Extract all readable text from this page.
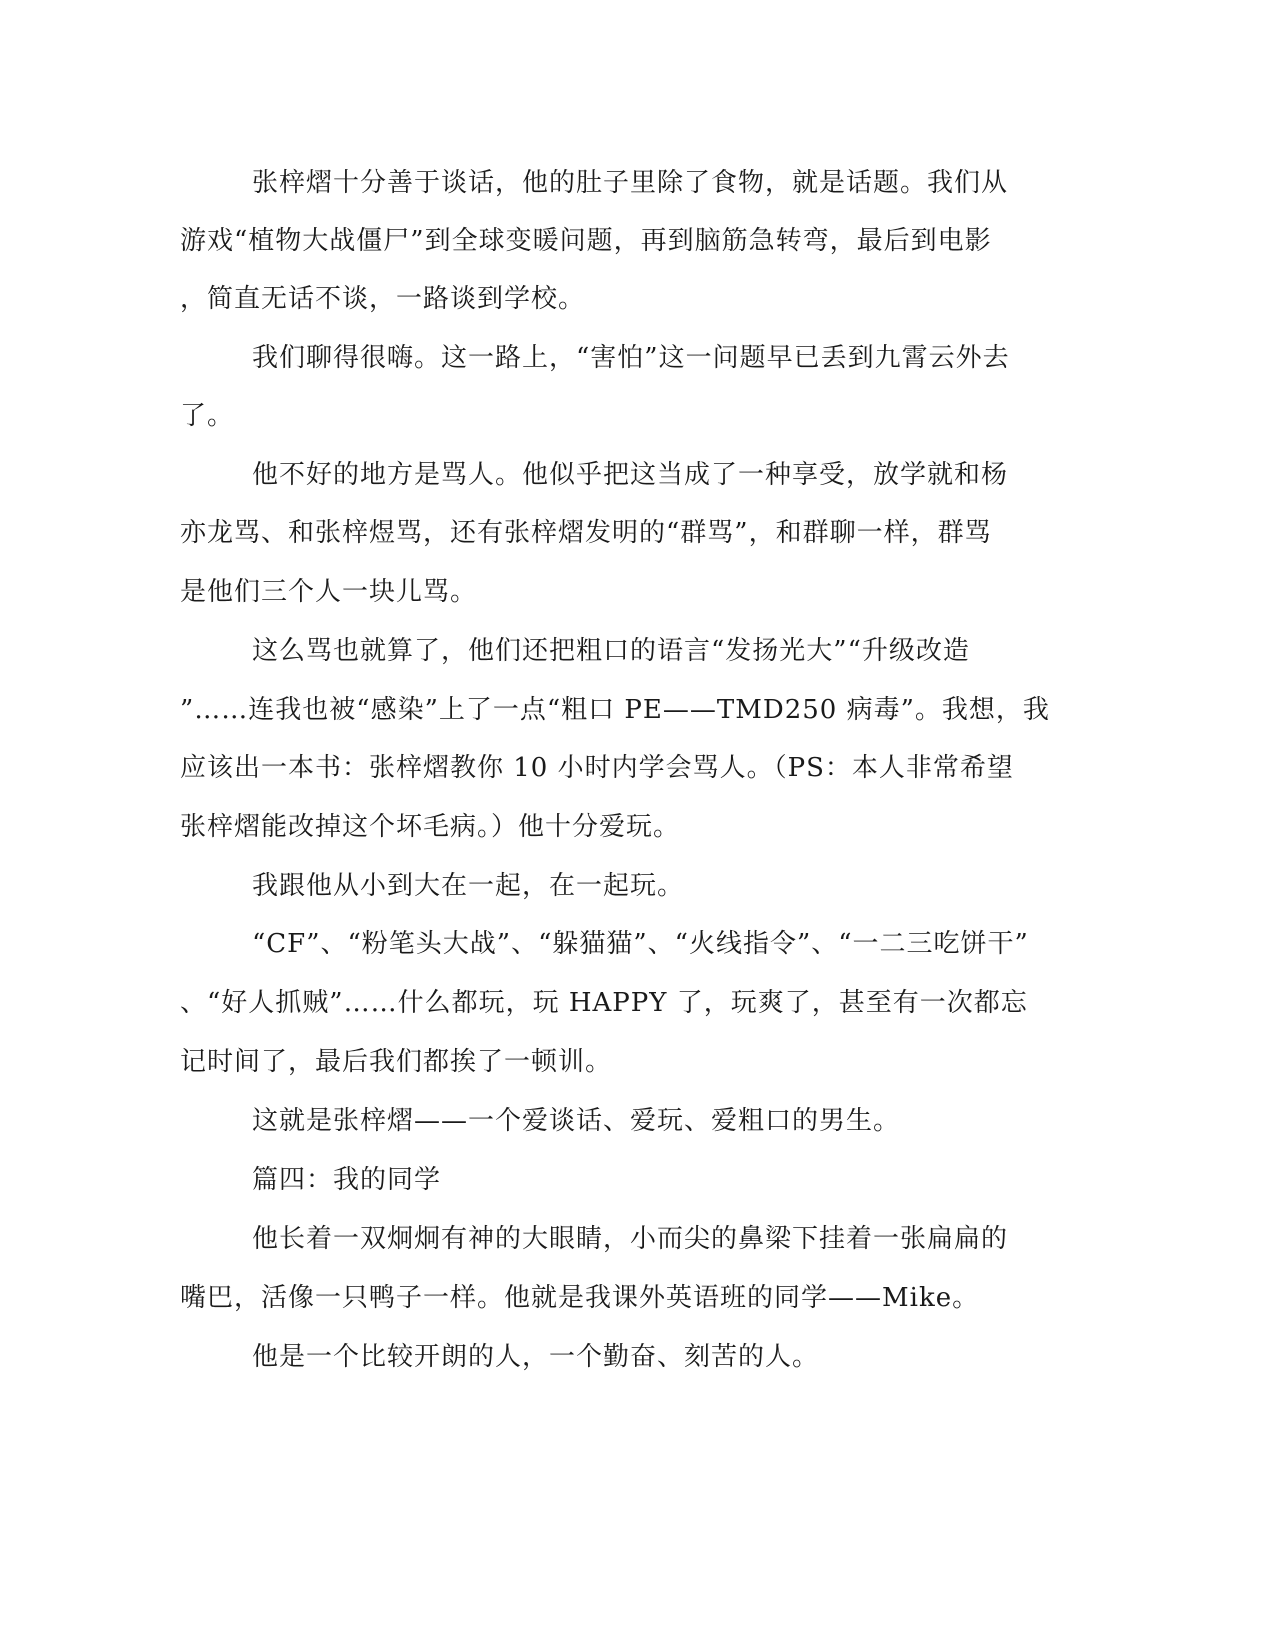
张梓熠十分善于谈话，他的肚子里除了食物，就是话题。我们从

游戏“植物大战僵尸”到全球变暖问题，再到脑筋急转弯，最后到电影

，简直无话不谈，一路谈到学校。

我们聊得很嗨。这一路上，“害怕”这一问题早已丢到九霄云外去

了。

他不好的地方是骂人。他似乎把这当成了一种享受，放学就和杨

亦龙骂、和张梓煜骂，还有张梓熠发明的“群骂”，和群聊一样，群骂

是他们三个人一块儿骂。

这么骂也就算了，他们还把粗口的语言“发扬光大”“升级改造

”……连我也被“感染”上了一点“粗口 PE——TMD250 病毒”。我想，我

应该出一本书：张梓熠教你 10 小时内学会骂人。（PS：本人非常希望

张梓熠能改掉这个坏毛病。）他十分爱玩。

我跟他从小到大在一起，在一起玩。

“CF”、“粉笔头大战”、“躲猫猫”、“火线指令”、“一二三吃饼干”

、“好人抓贼”……什么都玩，玩 HAPPY 了，玩爽了，甚至有一次都忘

记时间了，最后我们都挨了一顿训。

这就是张梓熠——一个爱谈话、爱玩、爱粗口的男生。

篇四：我的同学

他长着一双炯炯有神的大眼睛，小而尖的鼻梁下挂着一张扁扁的

嘴巴，活像一只鸭子一样。他就是我课外英语班的同学——Mike。

他是一个比较开朗的人，一个勤奋、刻苦的人。
